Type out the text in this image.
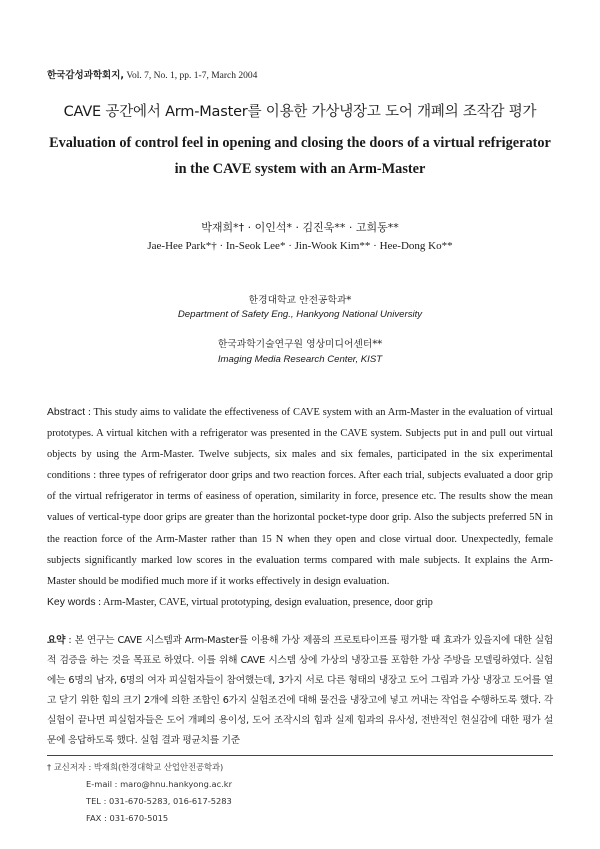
한국감성과학회지, Vol. 7, No. 1, pp. 1-7, March 2004
CAVE 공간에서 Arm-Master를 이용한 가상냉장고 도어 개폐의 조작감 평가
Evaluation of control feel in opening and closing the doors of a virtual refrigerator
in the CAVE system with an Arm-Master
박재희*† · 이인석* · 김진욱** · 고희동**
Jae-Hee Park*† · In-Seok Lee* · Jin-Wook Kim** · Hee-Dong Ko**
한경대학교 안전공학과*
Department of Safety Eng., Hankyong National University
한국과학기술연구원 영상미디어센터**
Imaging Media Research Center, KIST
Abstract : This study aims to validate the effectiveness of CAVE system with an Arm-Master in the evaluation of virtual prototypes. A virtual kitchen with a refrigerator was presented in the CAVE system. Subjects put in and pull out virtual objects by using the Arm-Master. Twelve subjects, six males and six females, participated in the six experimental conditions : three types of refrigerator door grips and two reaction forces. After each trial, subjects evaluated a door grip of the virtual refrigerator in terms of easiness of operation, similarity in force, presence etc. The results show the mean values of vertical-type door grips are greater than the horizontal pocket-type door grip. Also the subjects preferred 5N in the reaction force of the Arm-Master rather than 15 N when they open and close virtual door. Unexpectedly, female subjects significantly marked low scores in the evaluation terms compared with male subjects. It explains the Arm-Master should be modified much more if it works effectively in design evaluation.
Key words : Arm-Master, CAVE, virtual prototyping, design evaluation, presence, door grip
요약 : 본 연구는 CAVE 시스템과 Arm-Master를 이용해 가상 제품의 프로토타이프를 평가할 때 효과가 있을지에 대한 실험적 검증을 하는 것을 목표로 하였다. 이를 위해 CAVE 시스템 상에 가상의 냉장고를 포함한 가상 주방을 모델링하였다. 실험에는 6명의 남자, 6명의 여자 피실험자들이 참여했는데, 3가지 서로 다른 형태의 냉장고 도어 그립과 가상 냉장고 도어를 열고 닫기 위한 힘의 크기 2개에 의한 조합인 6가지 실험조건에 대해 물건을 냉장고에 넣고 꺼내는 작업을 수행하도록 했다. 각 실험이 끝나면 피실험자들은 도어 개폐의 용이성, 도어 조작시의 힘과 실제 힘과의 유사성, 전반적인 현실감에 대한 평가 설문에 응답하도록 했다. 실험 결과 평균치를 기준
† 교신저자 : 박재희(한경대학교 산업안전공학과)
E-mail : maro@hnu.hankyong.ac.kr
TEL : 031-670-5283, 016-617-5283
FAX : 031-670-5015
